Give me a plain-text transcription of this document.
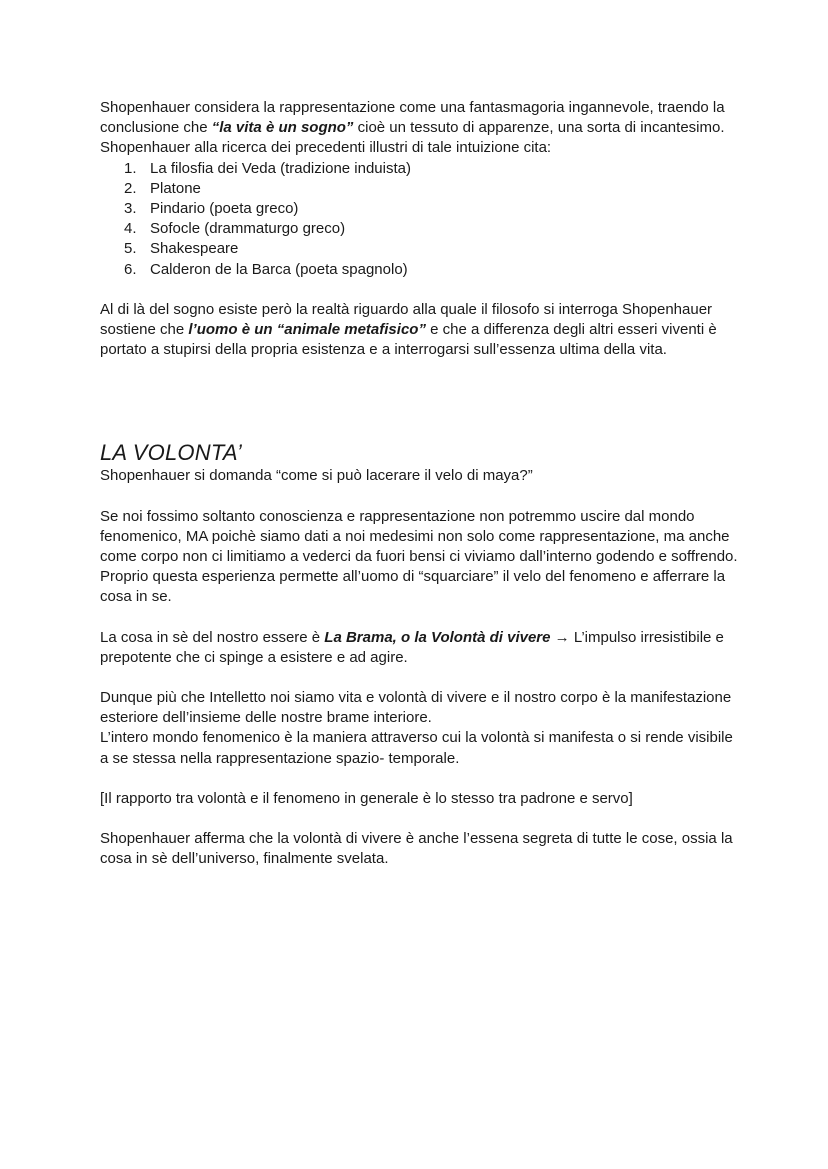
Shopenhauer considera la rappresentazione come una fantasmagoria ingannevole, traendo la conclusione che “la vita è un sogno” cioè un tessuto di apparenze, una sorta di incantesimo. Shopenhauer alla ricerca dei precedenti illustri di tale intuizione cita:

1. La filosfia dei Veda (tradizione induista)
2. Platone
3. Pindario (poeta greco)
4. Sofocle (drammaturgo greco)
5. Shakespeare
6. Calderon de la Barca (poeta spagnolo)

Al di là del sogno esiste però la realtà riguardo alla quale il filosofo si interroga Shopenhauer sostiene che l’uomo è un “animale metafisico” e che a differenza degli altri esseri viventi è portato a stupirsi della propria esistenza e a interrogarsi sull’essenza ultima della vita.

LA VOLONTA’

Shopenhauer si domanda “come si può lacerare il velo di maya?”

Se noi fossimo soltanto conoscienza e rappresentazione non potremmo uscire dal mondo fenomenico, MA poichè siamo dati a noi medesimi non solo come rappresentazione, ma anche come corpo non ci limitiamo a vederci da fuori bensi ci viviamo dall’interno godendo e soffrendo. Proprio questa esperienza permette all’uomo di “squarciare” il velo del fenomeno e afferrare la cosa in se.

La cosa in sè del nostro essere è La Brama, o la Volontà di vivere → L’impulso irresistibile e prepotente che ci spinge a esistere e ad agire.

Dunque più che Intelletto noi siamo vita e volontà di vivere e il nostro corpo è la manifestazione esteriore dell’insieme delle nostre brame interiore.

L’intero mondo fenomenico è la maniera attraverso cui la volontà si manifesta o si rende visibile a se stessa nella rappresentazione spazio- temporale.

[Il rapporto tra volontà e il fenomeno in generale è lo stesso tra padrone e servo]

Shopenhauer afferma che la volontà di vivere è anche l’essena segreta di tutte le cose, ossia la cosa in sè dell’universo, finalmente svelata.
